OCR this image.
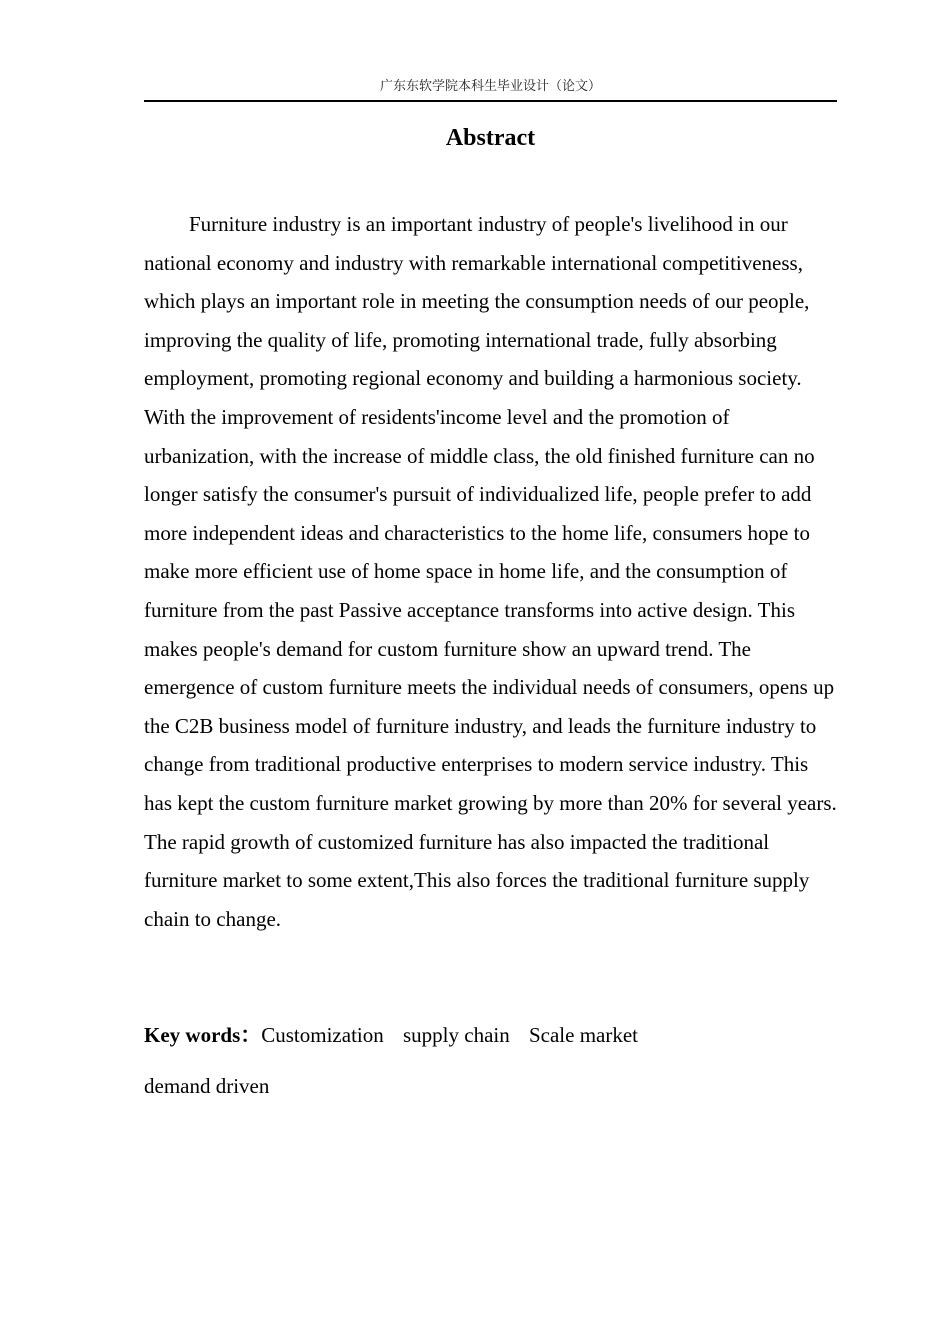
广东东软学院本科生毕业设计（论文）
Abstract

Furniture industry is an important industry of people's livelihood in our national economy and industry with remarkable international competitiveness, which plays an important role in meeting the consumption needs of our people, improving the quality of life, promoting international trade, fully absorbing employment, promoting regional economy and building a harmonious society. With the improvement of residents'income level and the promotion of urbanization, with the increase of middle class, the old finished furniture can no longer satisfy the consumer's pursuit of individualized life, people prefer to add more independent ideas and characteristics to the home life, consumers hope to make more efficient use of home space in home life, and the consumption of furniture from the past Passive acceptance transforms into active design. This makes people's demand for custom furniture show an upward trend. The emergence of custom furniture meets the individual needs of consumers, opens up the C2B business model of furniture industry, and leads the furniture industry to change from traditional productive enterprises to modern service industry. This has kept the custom furniture market growing by more than 20% for several years. The rapid growth of customized furniture has also impacted the traditional furniture market to some extent,This also forces the traditional furniture supply chain to change.

Key words：Customization supply chain Scale market
demand driven
